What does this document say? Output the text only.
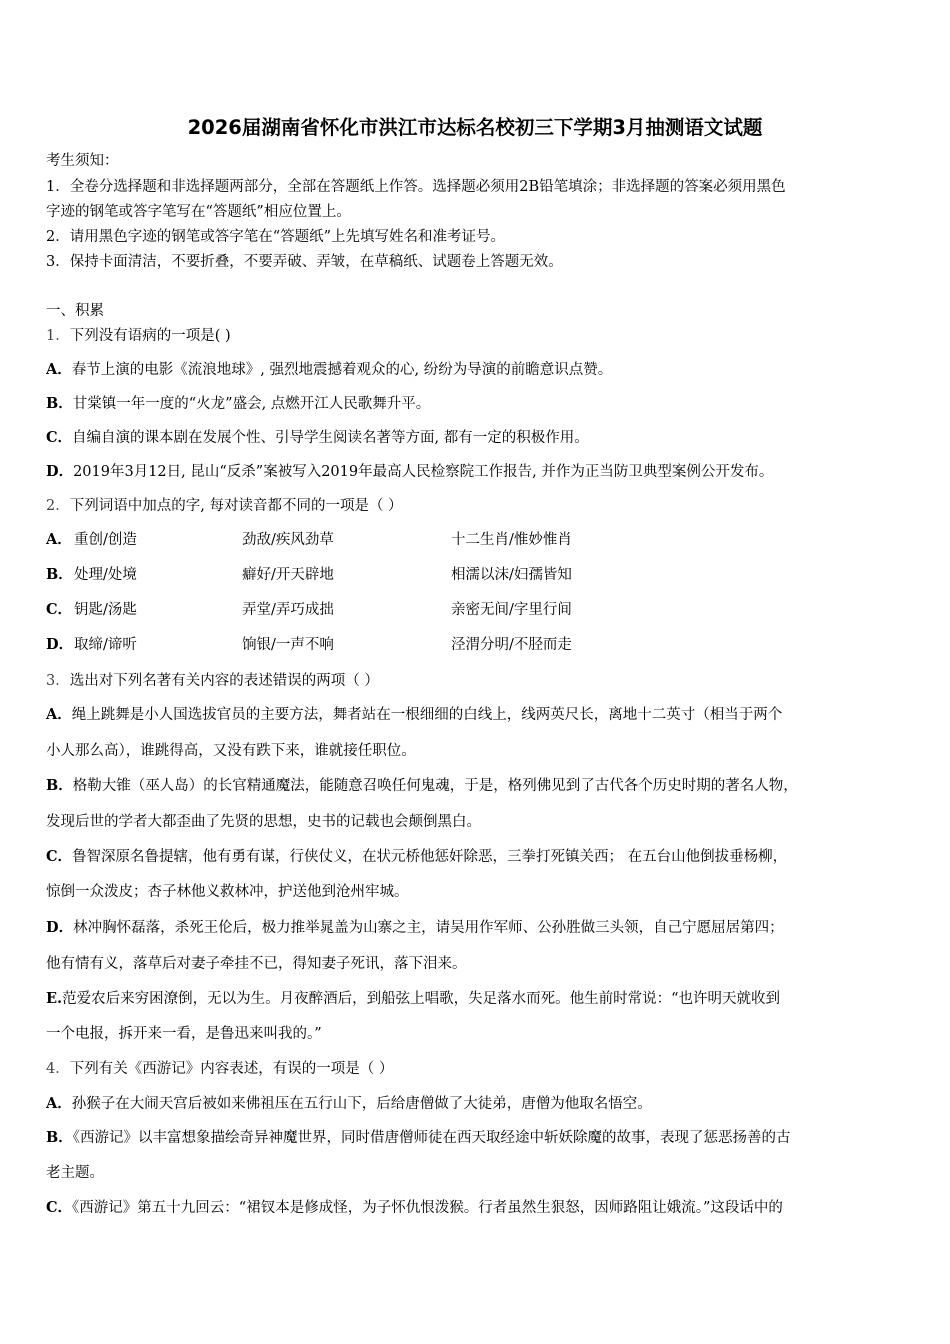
2026届湖南省怀化市洪江市达标名校初三下学期3月抽测语文试题
考生须知：
1．全卷分选择题和非选择题两部分，全部在答题纸上作答。选择题必须用2B铅笔填涂；非选择题的答案必须用黑色
字迹的钢笔或答字笔写在“答题纸”相应位置上。
2．请用黑色字迹的钢笔或答字笔在“答题纸”上先填写姓名和准考证号。
3．保持卡面清洁，不要折叠，不要弄破、弄皱，在草稿纸、试题卷上答题无效。
一、积累
1．下列没有语病的一项是( )
A．春节上演的电影《流浪地球》, 强烈地震撼着观众的心, 纷纷为导演的前瞻意识点赞。
B．甘棠镇一年一度的“火龙”盛会, 点燃开江人民歌舞升平。
C．自编自演的课本剧在发展个性、引导学生阅读名著等方面, 都有一定的积极作用。
D．2019年3月12日, 昆山“反杀”案被写入2019年最高人民检察院工作报告, 并作为正当防卫典型案例公开发布。
2．下列词语中加点的字, 每对读音都不同的一项是（ ）
A． 重创/创造	劲敌/疾风劲草	十二生肖/惟妙惟肖
B． 处理/处境	癖好/开天辟地	相濡以沫/妇孺皆知
C． 钥匙/汤匙	弄堂/弄巧成拙	亲密无间/字里行间
D． 取缔/谛听	饷银/一声不响	泾渭分明/不胫而走
3．选出对下列名著有关内容的表述错误的两项（ ）
A．绳上跳舞是小人国选拔官员的主要方法，舞者站在一根细细的白线上，线两英尺长，离地十二英寸（相当于两个
小人那么高），谁跳得高，又没有跌下来，谁就接任职位。
B．格勒大锥（巫人岛）的长官精通魔法，能随意召唤任何鬼魂，于是，格列佛见到了古代各个历史时期的著名人物，
发现后世的学者大都歪曲了先贤的思想，史书的记载也会颠倒黑白。
C．鲁智深原名鲁提辖，他有勇有谋，行侠仗义，在状元桥他惩奸除恶，三拳打死镇关西； 在五台山他倒拔垂杨柳，
惊倒一众泼皮；杏子林他义救林冲，护送他到沧州牢城。
D．林冲胸怀磊落，杀死王伦后，极力推举晁盖为山寨之主，请吴用作军师、公孙胜做三头领，自己宁愿屈居第四；
他有情有义，落草后对妻子牵挂不已，得知妻子死讯，落下泪来。
E.范爱农后来穷困潦倒，无以为生。月夜醉酒后，到船弦上唱歌，失足落水而死。他生前时常说：“也许明天就收到
一个电报，拆开来一看，是鲁迅来叫我的。”
4．下列有关《西游记》内容表述，有误的一项是（ ）
A．孙猴子在大闹天宫后被如来佛祖压在五行山下，后给唐僧做了大徒弟，唐僧为他取名悟空。
B．《西游记》以丰富想象描绘奇异神魔世界，同时借唐僧师徒在西天取经途中斩妖除魔的故事，表现了惩恶扬善的古
老主题。
C．《西游记》第五十九回云：“裙钗本是修成怪，为子怀仇恨泼猴。行者虽然生狠怒，因师路阻让娥流。”这段话中的
